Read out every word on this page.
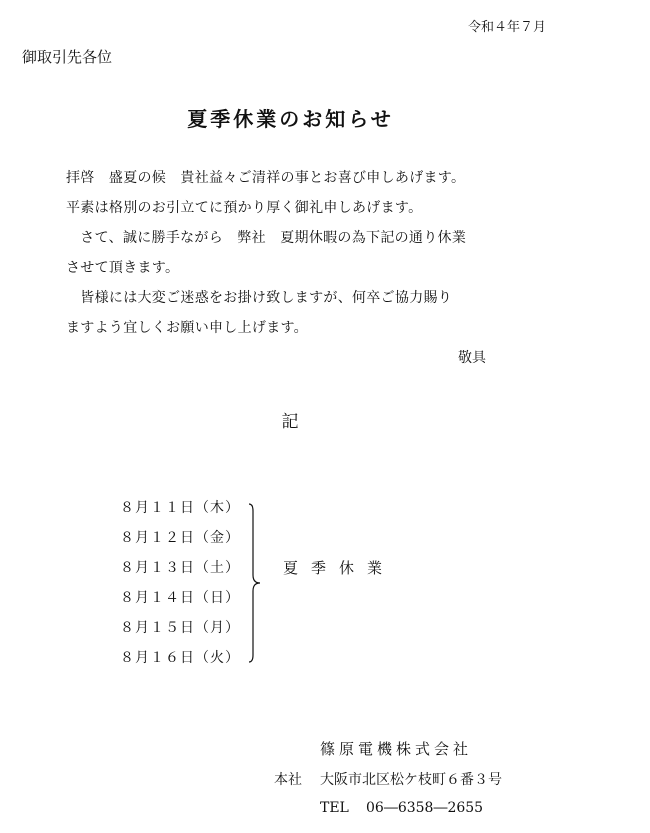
令和４年７月

御取引先各位

夏季休業のお知らせ

拝啓　盛夏の候　貴社益々ご清祥の事とお喜び申しあげます。

平素は格別のお引立てに預かり厚く御礼申しあげます。

　さて、誠に勝手ながら　弊社　夏期休暇の為下記の通り休業

させて頂きます。

　皆様には大変ご迷惑をお掛け致しますが、何卒ご協力賜り

ますよう宜しくお願い申し上げます。

敬具

記

８月１１日（木）
８月１２日（金）
８月１３日（土）
８月１４日（日）
８月１５日（月）
８月１６日（火）

夏季休業

篠原電機株式会社

本社 大阪市北区松ケ枝町６番３号

TEL 06―6358―2655
